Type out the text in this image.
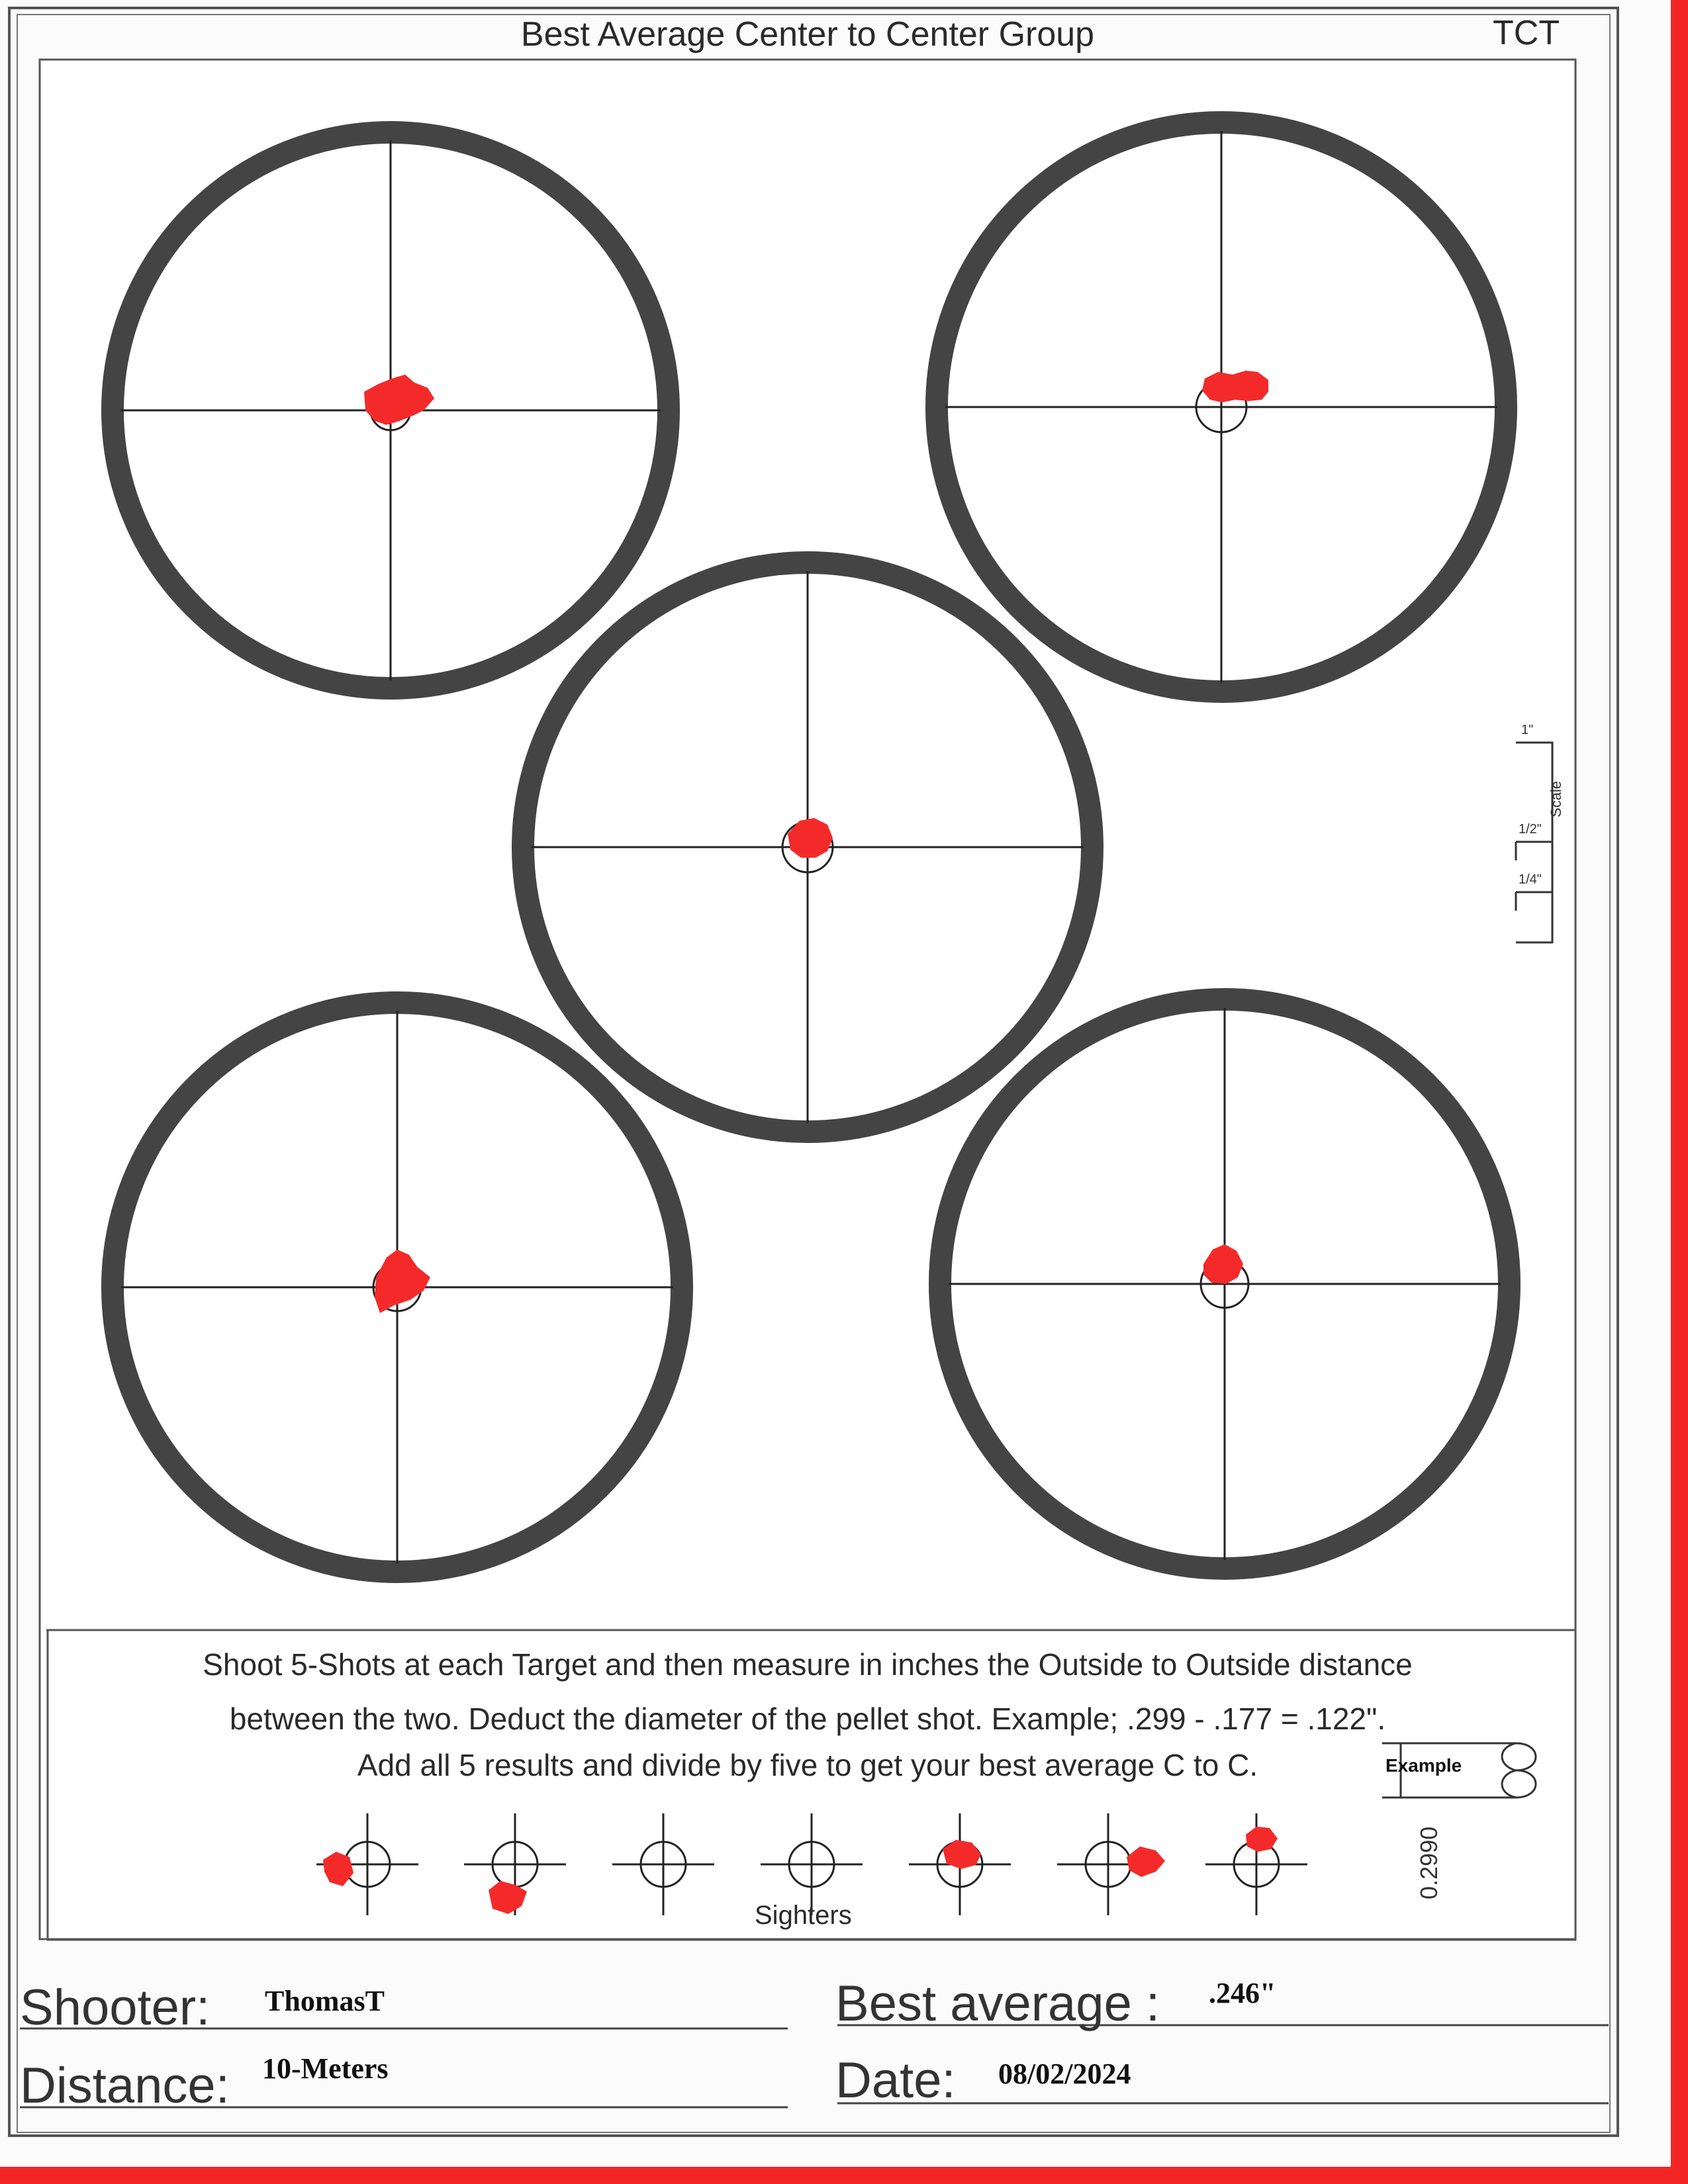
Best Average Center to Center Group	TCT
1"
1/2"
1/4"
Scale
Shoot 5-Shots at each Target and then measure in inches the Outside to Outside distance
between the two. Deduct the diameter of the pellet shot. Example; .299 - .177 = .122".
Add all 5 results and divide by five to get your best average C to C.	Example
0.2990
Sighters
Shooter: ThomasT
Distance: 10-Meters
Best average : .246"
Date: 08/02/2024
